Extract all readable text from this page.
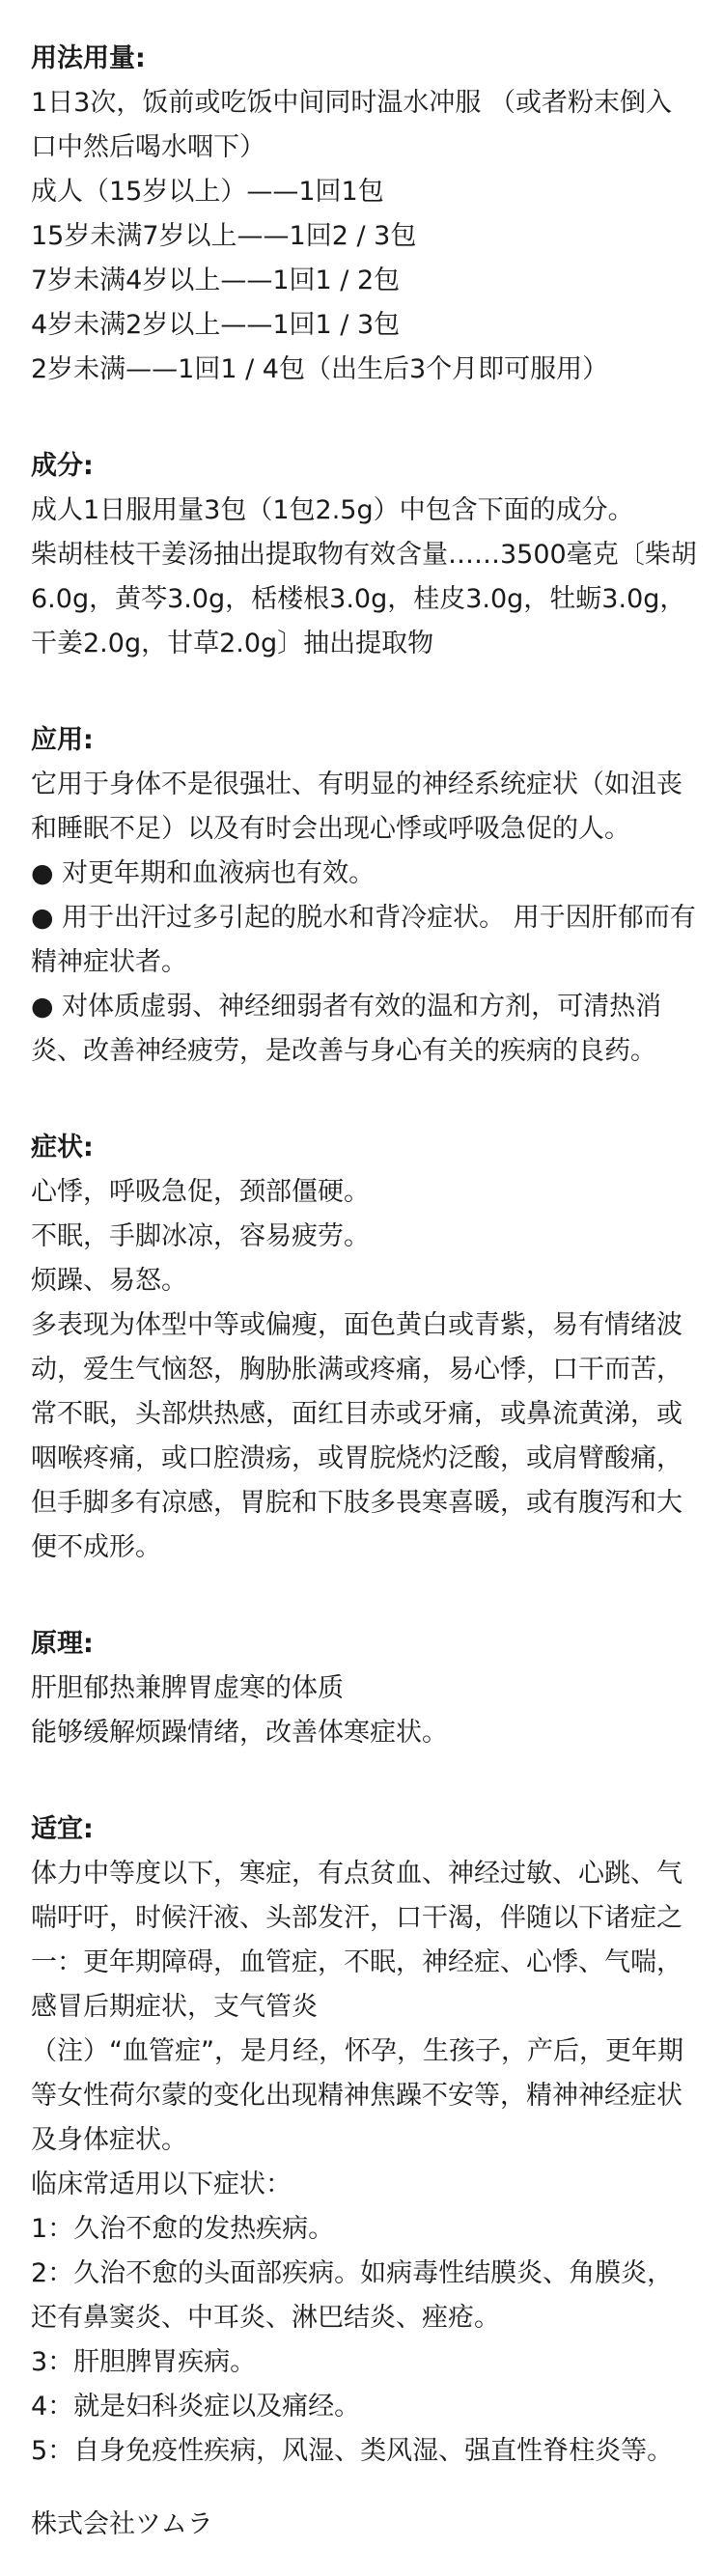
用法用量:

1日3次，饭前或吃饭中间同时温水冲服 （或者粉末倒入口中然后喝水咽下）

成人（15岁以上）——1回1包

15岁未满7岁以上——1回2 / 3包

7岁未满4岁以上——1回1 / 2包

4岁未满2岁以上——1回1 / 3包

2岁未满——1回1 / 4包（出生后3个月即可服用）

成分:

成人1日服用量3包（1包2.5g）中包含下面的成分。

柴胡桂枝干姜汤抽出提取物有效含量……3500毫克〔柴胡6.0g，黄芩3.0g，栝楼根3.0g，桂皮3.0g，牡蛎3.0g，干姜2.0g，甘草2.0g〕抽出提取物

应用:

它用于身体不是很强壮、有明显的神经系统症状（如沮丧和睡眠不足）以及有时会出现心悸或呼吸急促的人。

● 对更年期和血液病也有效。

● 用于出汗过多引起的脱水和背冷症状。 用于因肝郁而有精神症状者。

● 对体质虚弱、神经细弱者有效的温和方剂，可清热消炎、改善神经疲劳，是改善与身心有关的疾病的良药。

症状:

心悸，呼吸急促，颈部僵硬。

不眠，手脚冰凉，容易疲劳。

烦躁、易怒。

多表现为体型中等或偏瘦，面色黄白或青紫，易有情绪波动，爱生气恼怒，胸胁胀满或疼痛，易心悸，口干而苦，常不眠，头部烘热感，面红目赤或牙痛，或鼻流黄涕，或咽喉疼痛，或口腔溃疡，或胃脘烧灼泛酸，或肩臂酸痛，但手脚多有凉感，胃脘和下肢多畏寒喜暖，或有腹泻和大便不成形。

原理:

肝胆郁热兼脾胃虚寒的体质

能够缓解烦躁情绪，改善体寒症状。

适宜:

体力中等度以下，寒症，有点贫血、神经过敏、心跳、气喘吁吁，时候汗液、头部发汗，口干渴，伴随以下诸症之一：更年期障碍，血管症，不眠，神经症、心悸、气喘，感冒后期症状，支气管炎

（注）“血管症”，是月经，怀孕，生孩子，产后，更年期等女性荷尔蒙的变化出现精神焦躁不安等，精神神经症状及身体症状。

临床常适用以下症状：

1：久治不愈的发热疾病。

2：久治不愈的头面部疾病。如病毒性结膜炎、角膜炎，还有鼻窦炎、中耳炎、淋巴结炎、痤疮。

3：肝胆脾胃疾病。

4：就是妇科炎症以及痛经。

5：自身免疫性疾病，风湿、类风湿、强直性脊柱炎等。

株式会社ツムラ
